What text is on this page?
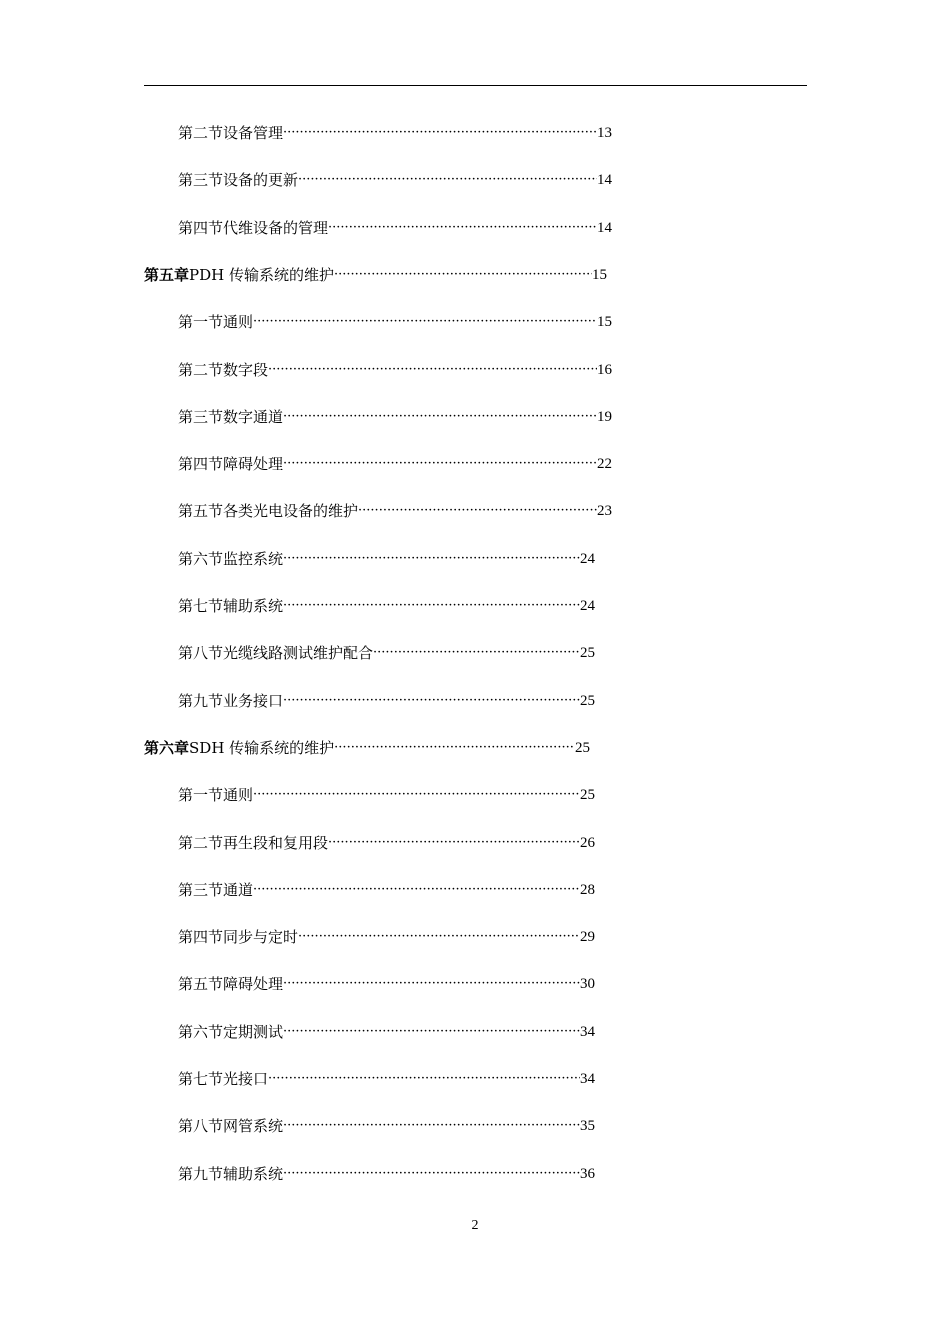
第二节 设备管理 ·····	13
第三节 设备的更新 ·····	14
第四节 代维设备的管理 ·····	14
第五章 PDH 传输系统的维护 ·····	15
第一节 通则 ·····	15
第二节 数字段 ·····	16
第三节 数字通道 ·····	19
第四节 障碍处理 ·····	22
第五节 各类光电设备的维护 ·····	23
第六节 监控系统 ·····	24
第七节 辅助系统 ·····	24
第八节 光缆线路测试维护配合 ·····	25
第九节 业务接口 ·····	25
第六章 SDH 传输系统的维护 ·····	25
第一节 通则 ·····	25
第二节 再生段和复用段 ·····	26
第三节 通道 ·····	28
第四节 同步与定时 ·····	29
第五节 障碍处理 ·····	30
第六节 定期测试 ·····	34
第七节 光接口 ·····	34
第八节 网管系统 ·····	35
第九节 辅助系统 ·····	36
2
